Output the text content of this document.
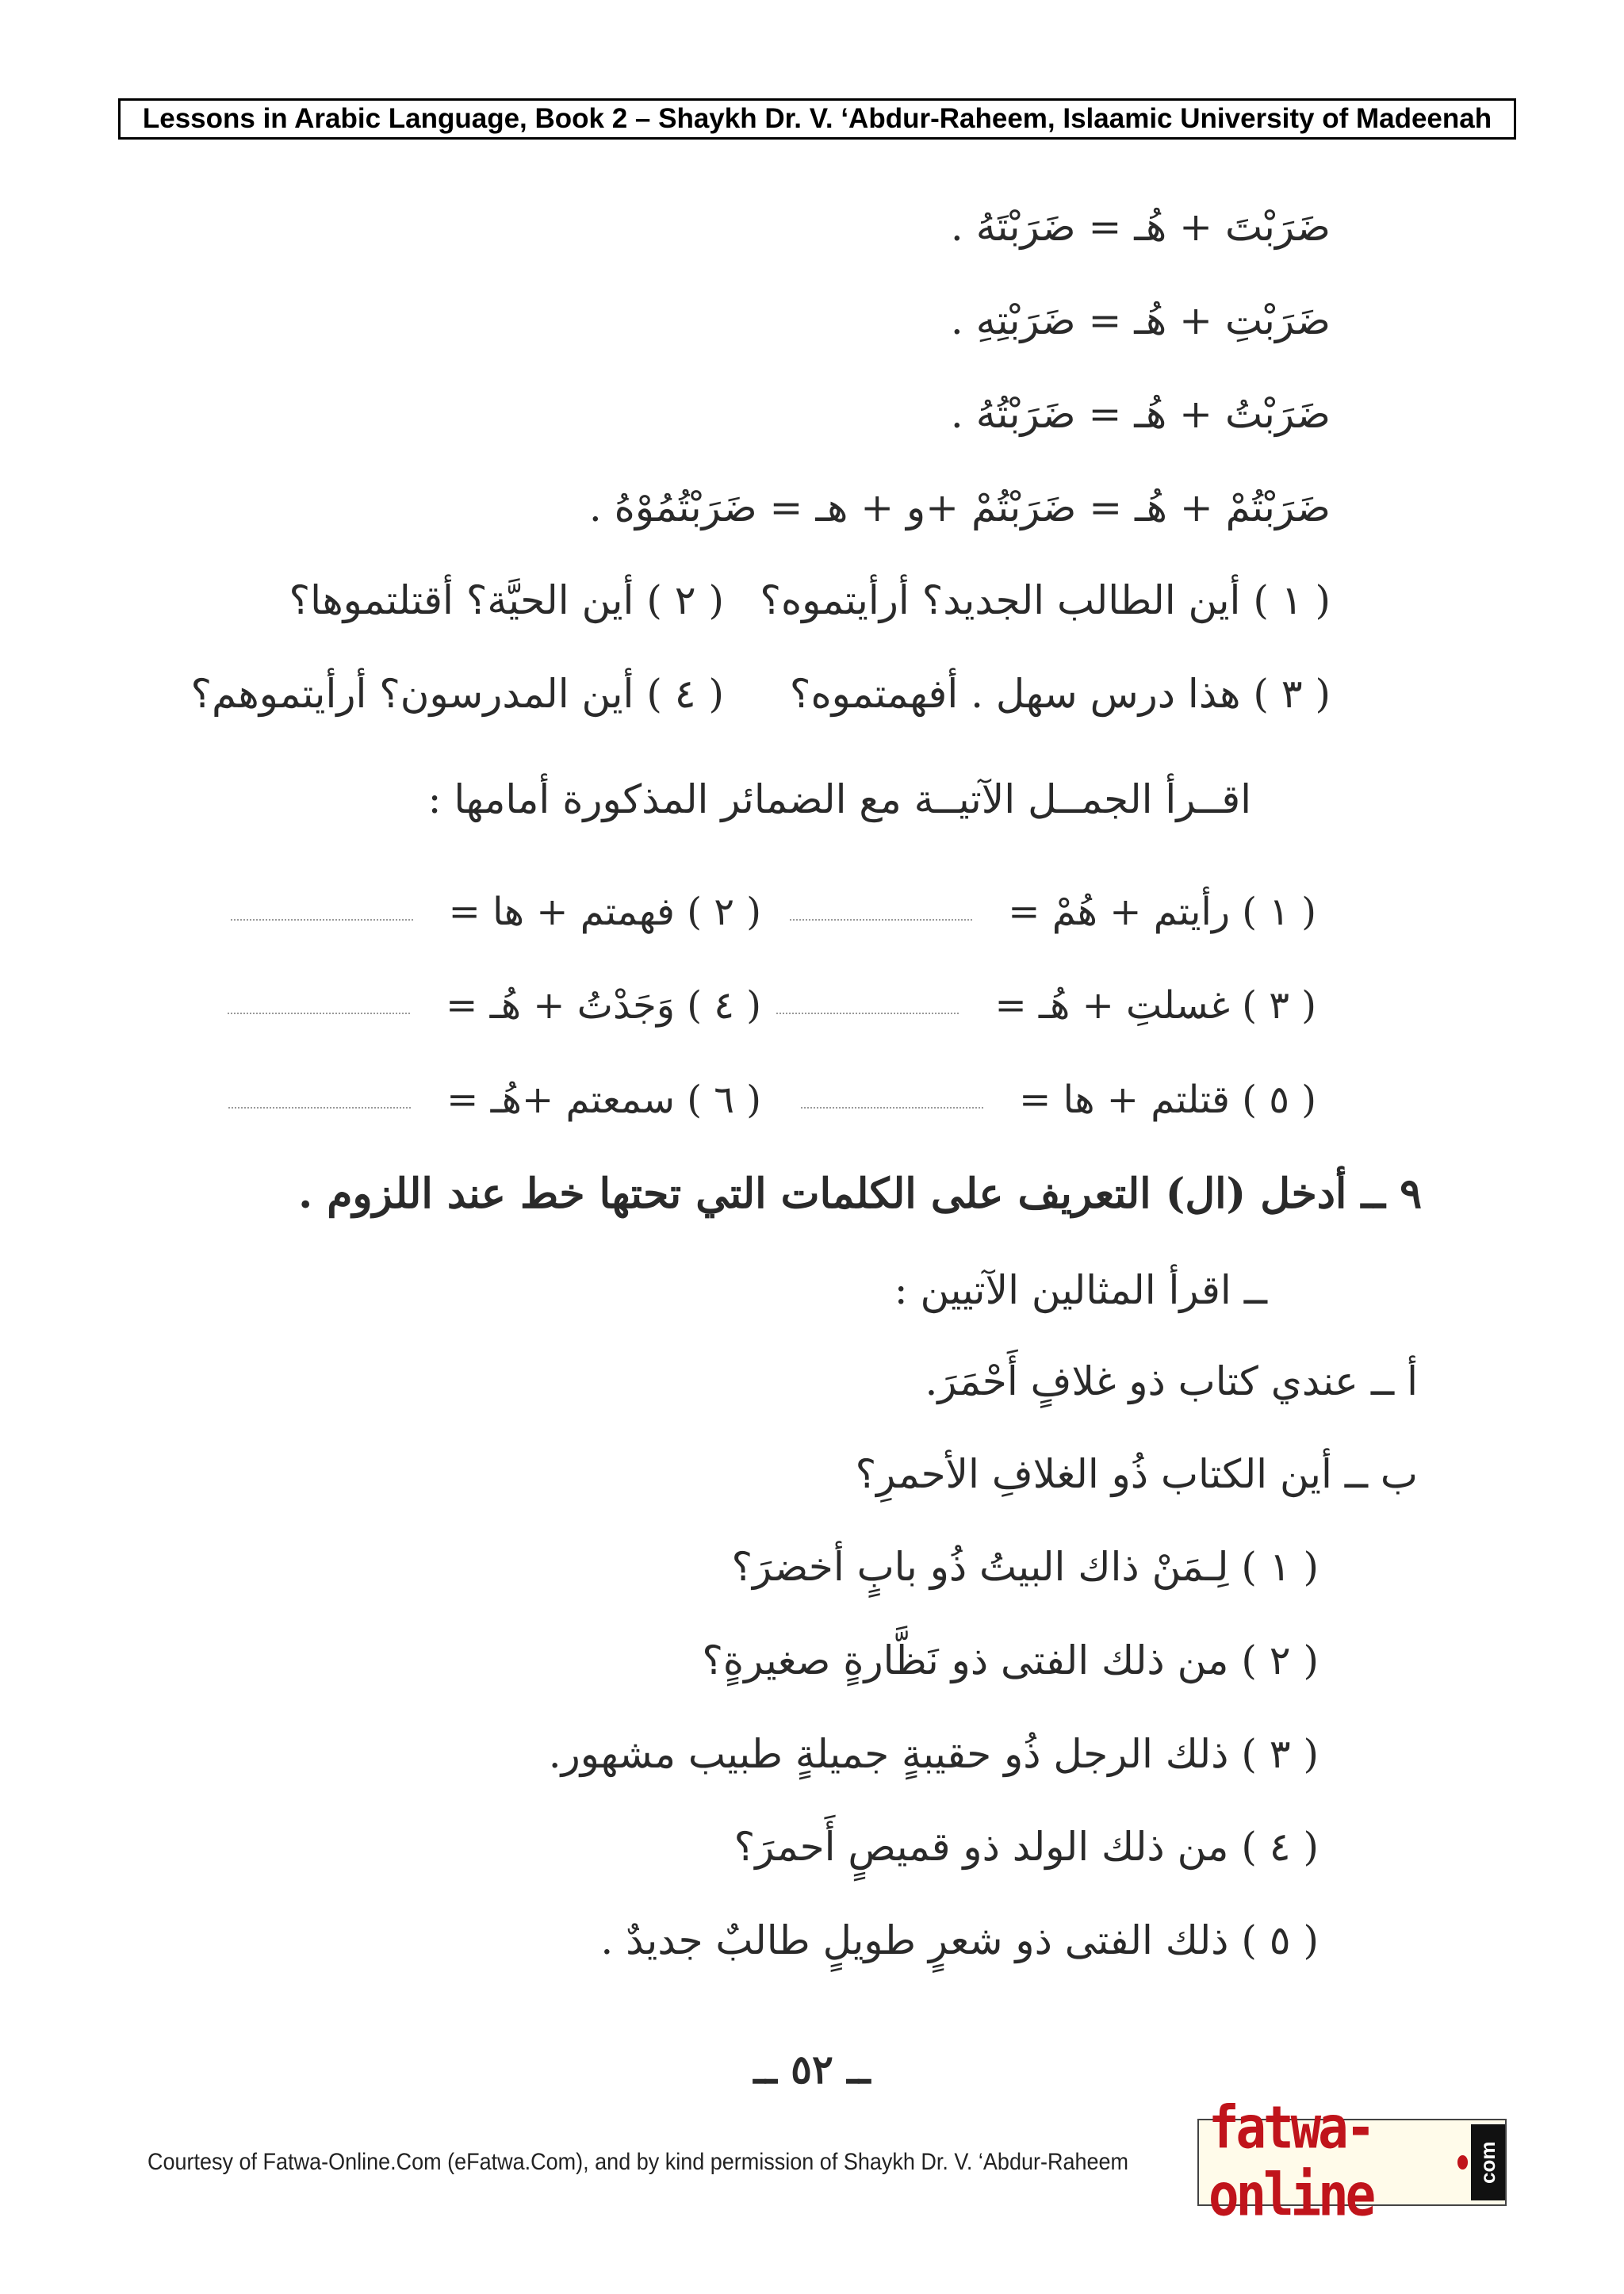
Lessons in Arabic Language, Book 2 – Shaykh Dr. V. ‘Abdur-Raheem, Islaamic University of Madeenah
ضَرَبْتَ + هُـ = ضَرَبْتَهُ .
ضَرَبْتِ + هُـ = ضَرَبْتِهِ .
ضَرَبْتُ + هُـ = ضَرَبْتُهُ .
ضَرَبْتُمْ + هُـ = ضَرَبْتُمْ +و + هـ = ضَرَبْتُمُوْهُ .
( ١ ) أين الطالب الجديد؟ أرأيتموه؟
( ٢ ) أين الحيَّة؟ أقتلتموها؟
( ٣ ) هذا درس سهل . أفهمتموه؟
( ٤ ) أين المدرسون؟ أرأيتموهم؟
اقــرأ الجمــل الآتيــة مع الضمائر المذكورة أمامها :
( ١ ) رأيتم + هُمْ =
( ٢ ) فهمتم + ها =
( ٣ ) غسلتِ + هُـ =
( ٤ ) وَجَدْتُ + هُـ =
( ٥ ) قتلتم + ها =
( ٦ ) سمعتم +هُـ =
٩ ــ أدخل (ال) التعريف على الكلمات التي تحتها خط عند اللزوم .
ــ اقرأ المثالين الآتيين :
أ ــ عندي كتاب ذو غلافٍ أَحْمَرَ.
ب ــ أين الكتاب ذُو الغلافِ الأحمرِ؟
( ١ ) لِـمَنْ ذاك البيتُ ذُو بابٍ أخضرَ؟
( ٢ ) من ذلك الفتى ذو نَظَّارةٍ صغيرةٍ؟
( ٣ ) ذلك الرجل ذُو حقيبةٍ جميلةٍ طبيب مشهور.
( ٤ ) من ذلك الولد ذو قميصٍ أَحمرَ؟
( ٥ ) ذلك الفتى ذو شعرٍ طويلٍ طالبٌ جديدٌ .
ــ ٥٢ ــ
Courtesy of Fatwa-Online.Com (eFatwa.Com), and by kind permission of Shaykh Dr. V. ‘Abdur-Raheem fatwa-online	com
